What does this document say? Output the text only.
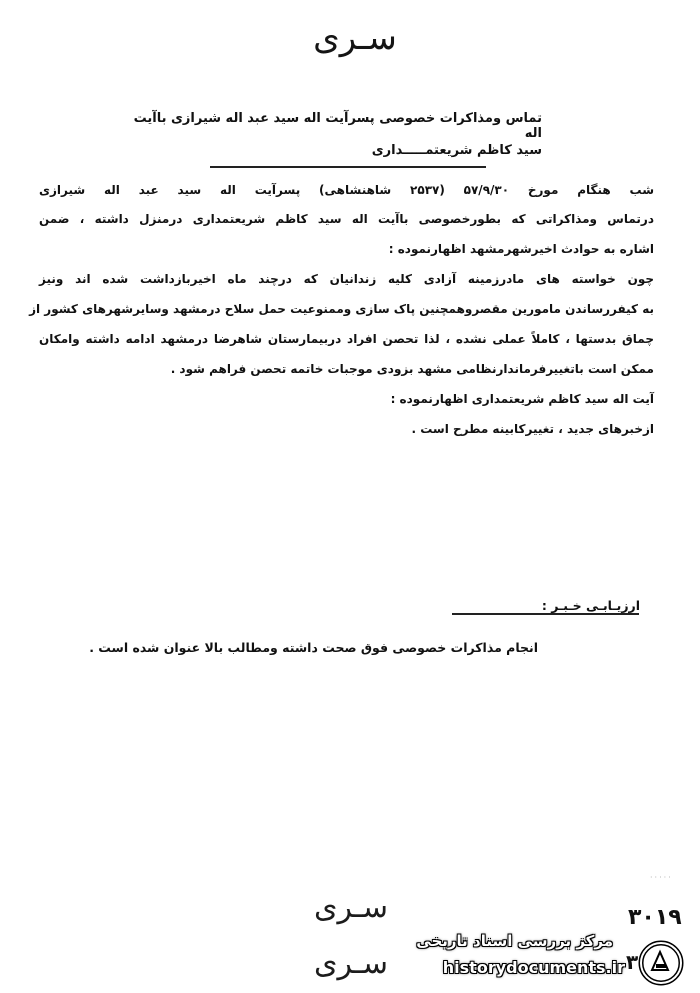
سـرى
تماس ومذاکرات خصوصی پسرآیت اله سید عبد اله شیرازی باآیت اله
سید کاظم شریعتمـــــداری
شب هنگام مورخ ۵۷/۹/۳۰ (۲۵۳۷ شاهنشاهی) پسرآیت اله سید عبد اله شیرازی
درتماس ومذاکراتی که بطورخصوصی باآیت اله سید کاظم شریعتمداری درمنزل داشته ، ضمن
اشاره به حوادث اخیرشهرمشهد اظهارنموده :
چون خواسته های مادرزمینه آزادی کلیه زندانیان که درچند ماه اخیربازداشت شده اند ونیز
به کیفررساندن مامورین مقصروهمچنین پاک سازی وممنوعیت حمل سلاح درمشهد وسایرشهرهای کشور از
چماق بدستها ، کاملاً عملی نشده ، لذا تحصن افراد دربیمارستان شاهرضا درمشهد ادامه داشته وامکان
ممکن است باتغییرفرماندارنظامی مشهد بزودی موجبات خاتمه تحصن فراهم شود .
آیت اله سید کاظم شریعتمداری اظهارنموده :
ازخبرهای جدید ، تغییرکابینه مطرح است .
ارزیـابـی خـبـر :
انجام مذاکرات خصوصی فوق صحت داشته ومطالب بالا عنوان شده است .
·····
سـرى
سـرى
۳۰۱۹
۳
مرکز بررسی اسناد تاریخی
historydocuments.ir
